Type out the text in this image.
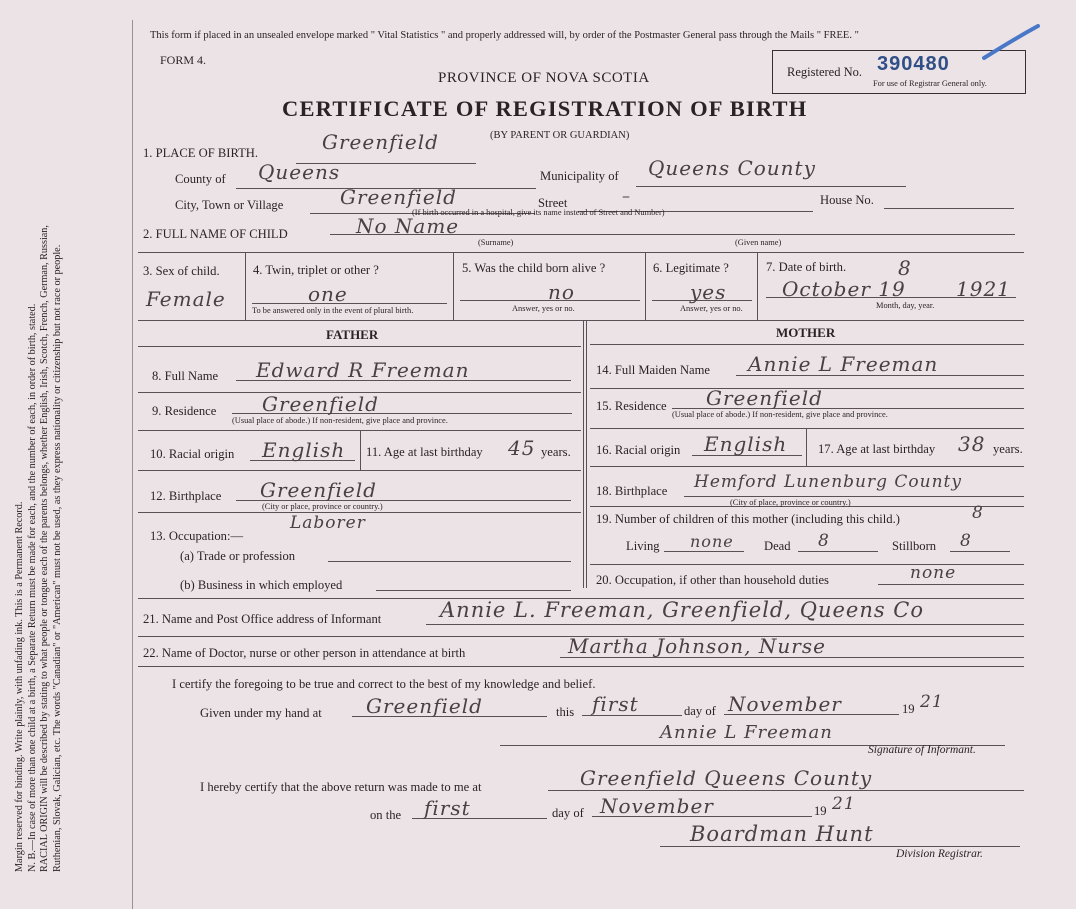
Margin reserved for binding. Write plainly, with unfading ink. This is a Permanent Record. N. B.—In case of more than one child at a birth, a Separate Return must be made for each, and the number of each, in order of birth, stated. RACIAL ORIGIN will be described by stating to what people or tongue each of the parents belongs, whether English, Irish, Scotch, French, German, Russian, Ruthenian, Slovak, Galician, etc. The words "Canadian" or "American" must not be used, as they express nationality or citizenship but not race or people.
This form if placed in an unsealed envelope marked " Vital Statistics " and properly addressed will, by order of the Postmaster General pass through the Mails " FREE. "
FORM 4.
PROVINCE OF NOVA SCOTIA
CERTIFICATE OF REGISTRATION OF BIRTH
(BY PARENT OR GUARDIAN)
Registered No. 390480
For use of Registrar General only.
1. PLACE OF BIRTH.	Greenfield
County of Queens	Municipality of Queens County
City, Town or Village	Greenfield	Street	–	House No.
(If birth occurred in a hospital, give its name instead of Street and Number)
2. FULL NAME OF CHILD	No Name
(Surname)	(Given name)
3. Sex of child.
Female
4. Twin, triplet or other ?
one
To be answered only in the event of plural birth.
5. Was the child born alive ?
no
Answer, yes or no.
6. Legitimate ?
yes
Answer, yes or no.
7. Date of birth.	8
October 19	1921
Month, day, year.
FATHER	MOTHER
8. Full Name Edward R Freeman
9. Residence Greenfield
(Usual place of abode.) If non-resident, give place and province.
10. Racial origin English 11. Age at last birthday 45 years.
12. Birthplace Greenfield
(City or place, province or country.)
13. Occupation:—
Laborer
(a) Trade or profession
(b) Business in which employed
14. Full Maiden Name Annie L Freeman
15. Residence Greenfield
(Usual place of abode.) If non-resident, give place and province.
16. Racial origin English 17. Age at last birthday 38 years.
18. Birthplace Hemford Lunenburg County
(City of place, province or country.)
19. Number of children of this mother (including this child.)	8
Living none Dead 8	Stillborn 8
20. Occupation, if other than household duties	none
21. Name and Post Office address of Informant	Annie L. Freeman, Greenfield, Queens Co
22. Name of Doctor, nurse or other person in attendance at birth	Martha Johnson, Nurse
I certify the foregoing to be true and correct to the best of my knowledge and belief.
Given under my hand at Greenfield	this first	day of November	19 21
Annie L Freeman
Signature of Informant.
I hereby certify that the above return was made to me at	Greenfield Queens County
on the first	day of November	19 21
Boardman Hunt
Division Registrar.
